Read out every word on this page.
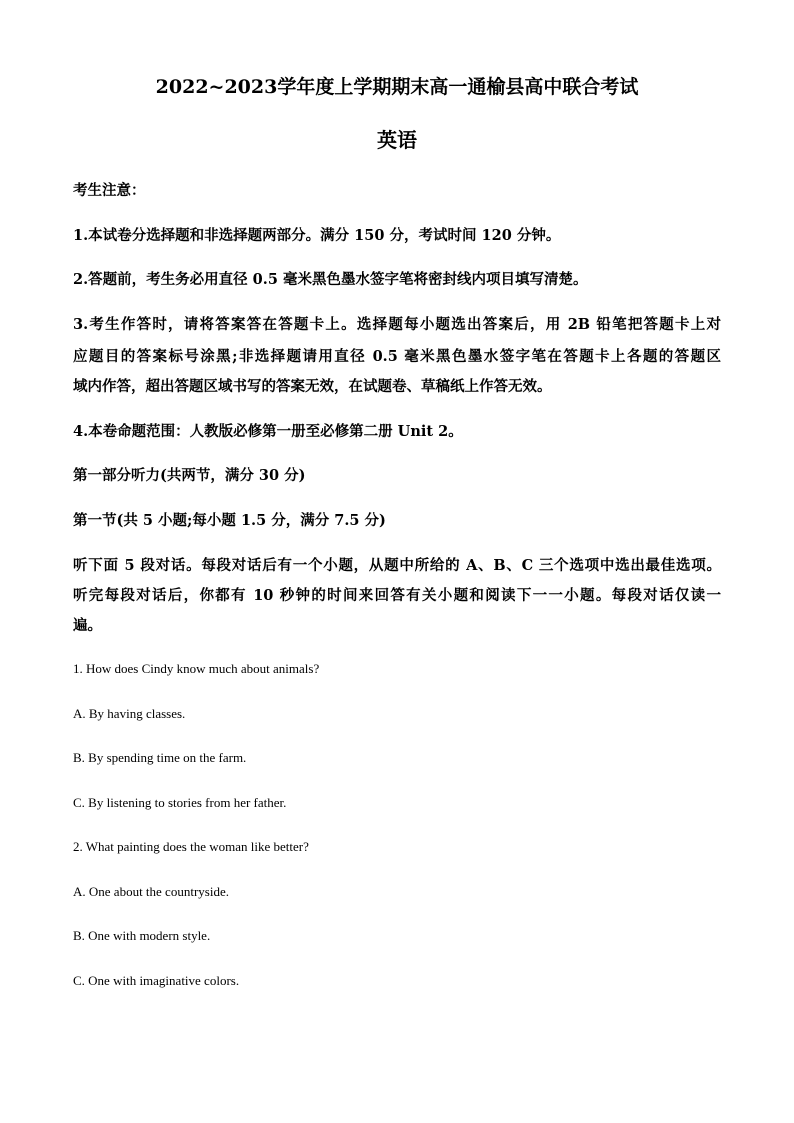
2022~2023学年度上学期期末高一通榆县高中联合考试
英语
考生注意：
1.本试卷分选择题和非选择题两部分。满分 150 分，考试时间 120 分钟。
2.答题前，考生务必用直径 0.5 毫米黑色墨水签字笔将密封线内项目填写清楚。
3.考生作答时，请将答案答在答题卡上。选择题每小题选出答案后，用 2B 铅笔把答题卡上对
应题目的答案标号涂黑;非选择题请用直径 0.5 毫米黑色墨水签字笔在答题卡上各题的答题区
域内作答，超出答题区域书写的答案无效，在试题卷、草稿纸上作答无效。
4.本卷命题范围：人教版必修第一册至必修第二册 Unit 2。
第一部分听力(共两节，满分 30 分)
第一节(共 5 小题;每小题 1.5 分，满分 7.5 分)
听下面 5 段对话。每段对话后有一个小题，从题中所给的 A、B、C 三个选项中选出最佳选项。
听完每段对话后，你都有 10 秒钟的时间来回答有关小题和阅读下一一小题。每段对话仅读一
遍。
1. How does Cindy know much about animals?
A. By having classes.
B. By spending time on the farm.
C. By listening to stories from her father.
2. What painting does the woman like better?
A. One about the countryside.
B. One with modern style.
C. One with imaginative colors.
